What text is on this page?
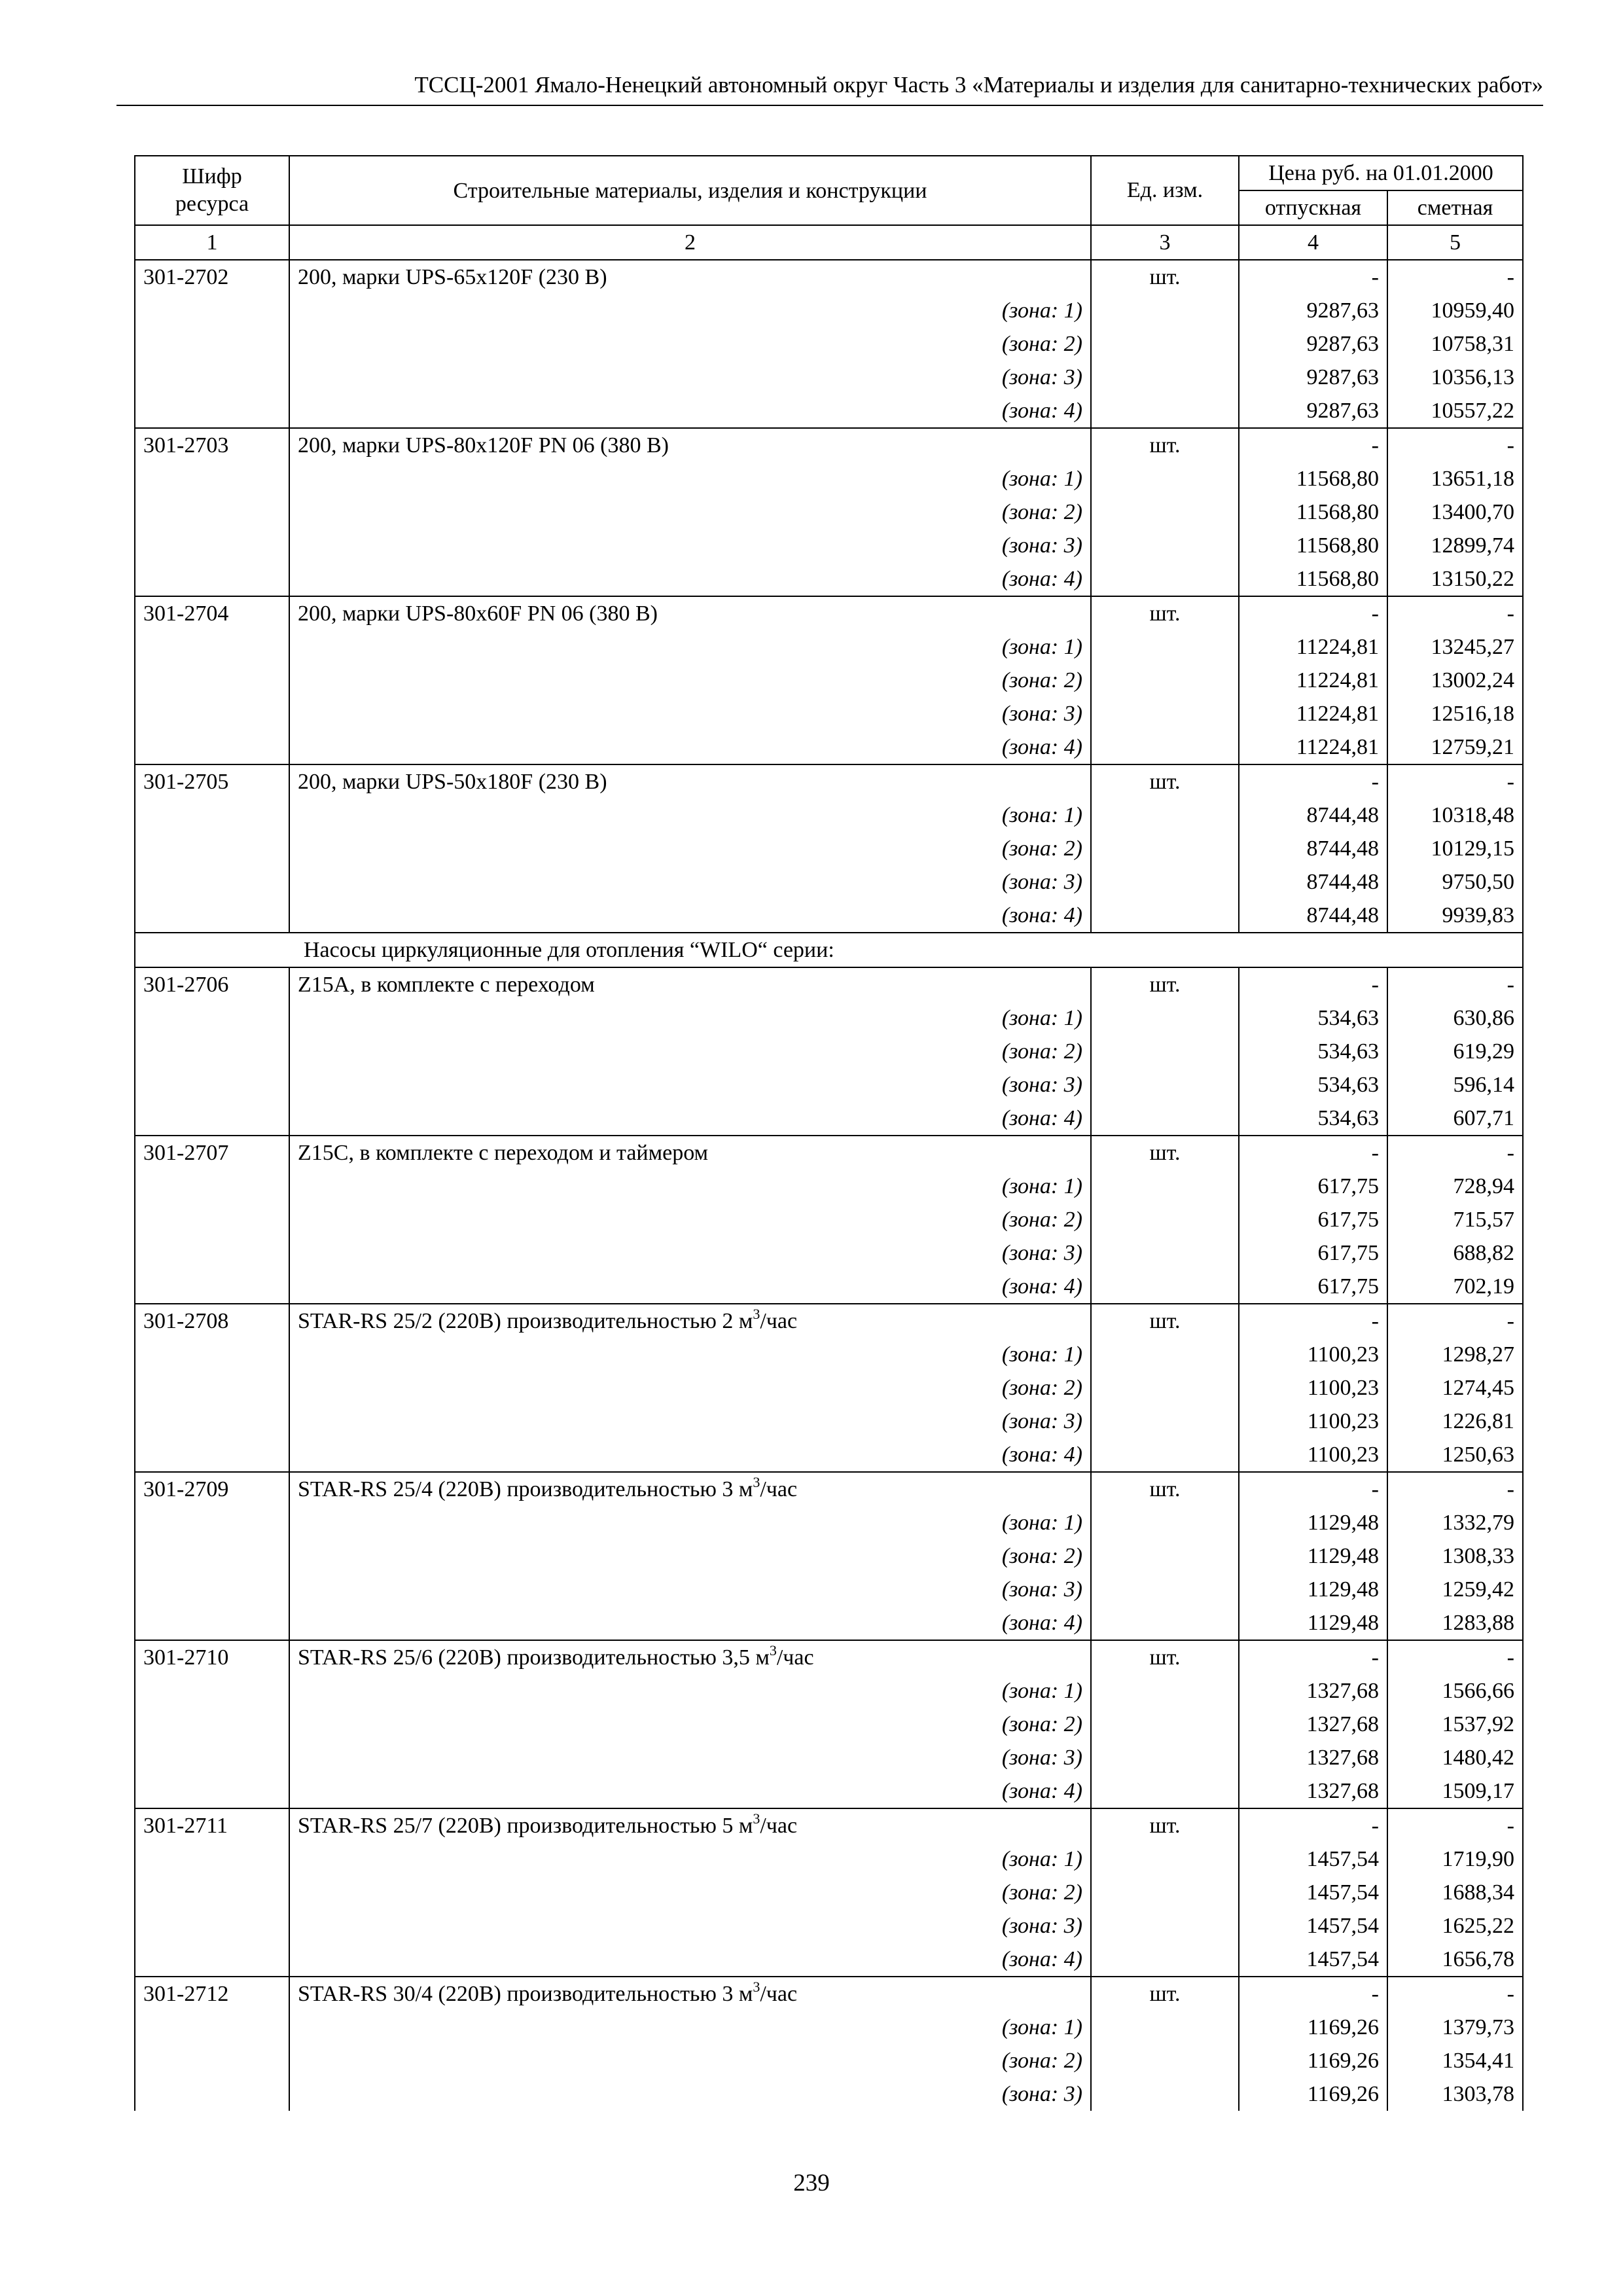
ТССЦ-2001 Ямало-Ненецкий автономный округ Часть 3 «Материалы и изделия для санитарно-технических работ»
Шифр ресурса	Строительные материалы, изделия и конструкции	Ед. изм.	Цена руб. на 01.01.2000	
			отпускная	сметная
1	2	3	4	5
301-2702	200, марки UPS-65x120F (230 В)	шт.	-	-
	(зона: 1)		9287,63	10959,40
	(зона: 2)		9287,63	10758,31
	(зона: 3)		9287,63	10356,13
	(зона: 4)		9287,63	10557,22
301-2703	200, марки UPS-80x120F PN 06 (380 В)	шт.	-	-
	(зона: 1)		11568,80	13651,18
	(зона: 2)		11568,80	13400,70
	(зона: 3)		11568,80	12899,74
	(зона: 4)		11568,80	13150,22
301-2704	200, марки UPS-80x60F PN 06 (380 В)	шт.	-	-
	(зона: 1)		11224,81	13245,27
	(зона: 2)		11224,81	13002,24
	(зона: 3)		11224,81	12516,18
	(зона: 4)		11224,81	12759,21
301-2705	200, марки UPS-50x180F (230 В)	шт.	-	-
	(зона: 1)		8744,48	10318,48
	(зона: 2)		8744,48	10129,15
	(зона: 3)		8744,48	9750,50
	(зона: 4)		8744,48	9939,83
	Насосы циркуляционные для отопления “WILO“ серии:			
301-2706	Z15A, в комплекте с переходом	шт.	-	-
	(зона: 1)		534,63	630,86
	(зона: 2)		534,63	619,29
	(зона: 3)		534,63	596,14
	(зона: 4)		534,63	607,71
301-2707	Z15C, в комплекте с переходом и таймером	шт.	-	-
	(зона: 1)		617,75	728,94
	(зона: 2)		617,75	715,57
	(зона: 3)		617,75	688,82
	(зона: 4)		617,75	702,19
301-2708	STAR-RS 25/2 (220В) производительностью 2 $м^3$/час	шт.	-	-
	(зона: 1)		1100,23	1298,27
	(зона: 2)		1100,23	1274,45
	(зона: 3)		1100,23	1226,81
	(зона: 4)		1100,23	1250,63
301-2709	STAR-RS 25/4 (220В) производительностью 3 $м^3$/час	шт.	-	-
	(зона: 1)		1129,48	1332,79
	(зона: 2)		1129,48	1308,33
	(зона: 3)		1129,48	1259,42
	(зона: 4)		1129,48	1283,88
301-2710	STAR-RS 25/6 (220В) производительностью 3,5 $м^3$/час	шт.	-	-
	(зона: 1)		1327,68	1566,66
	(зона: 2)		1327,68	1537,92
	(зона: 3)		1327,68	1480,42
	(зона: 4)		1327,68	1509,17
301-2711	STAR-RS 25/7 (220В) производительностью 5 $м^3$/час	шт.	-	-
	(зона: 1)		1457,54	1719,90
	(зона: 2)		1457,54	1688,34
	(зона: 3)		1457,54	1625,22
	(зона: 4)		1457,54	1656,78
301-2712	STAR-RS 30/4 (220В) производительностью 3 $м^3$/час	шт.	-	-
	(зона: 1)		1169,26	1379,73
	(зона: 2)		1169,26	1354,41
	(зона: 3)		1169,26	1303,78
239
